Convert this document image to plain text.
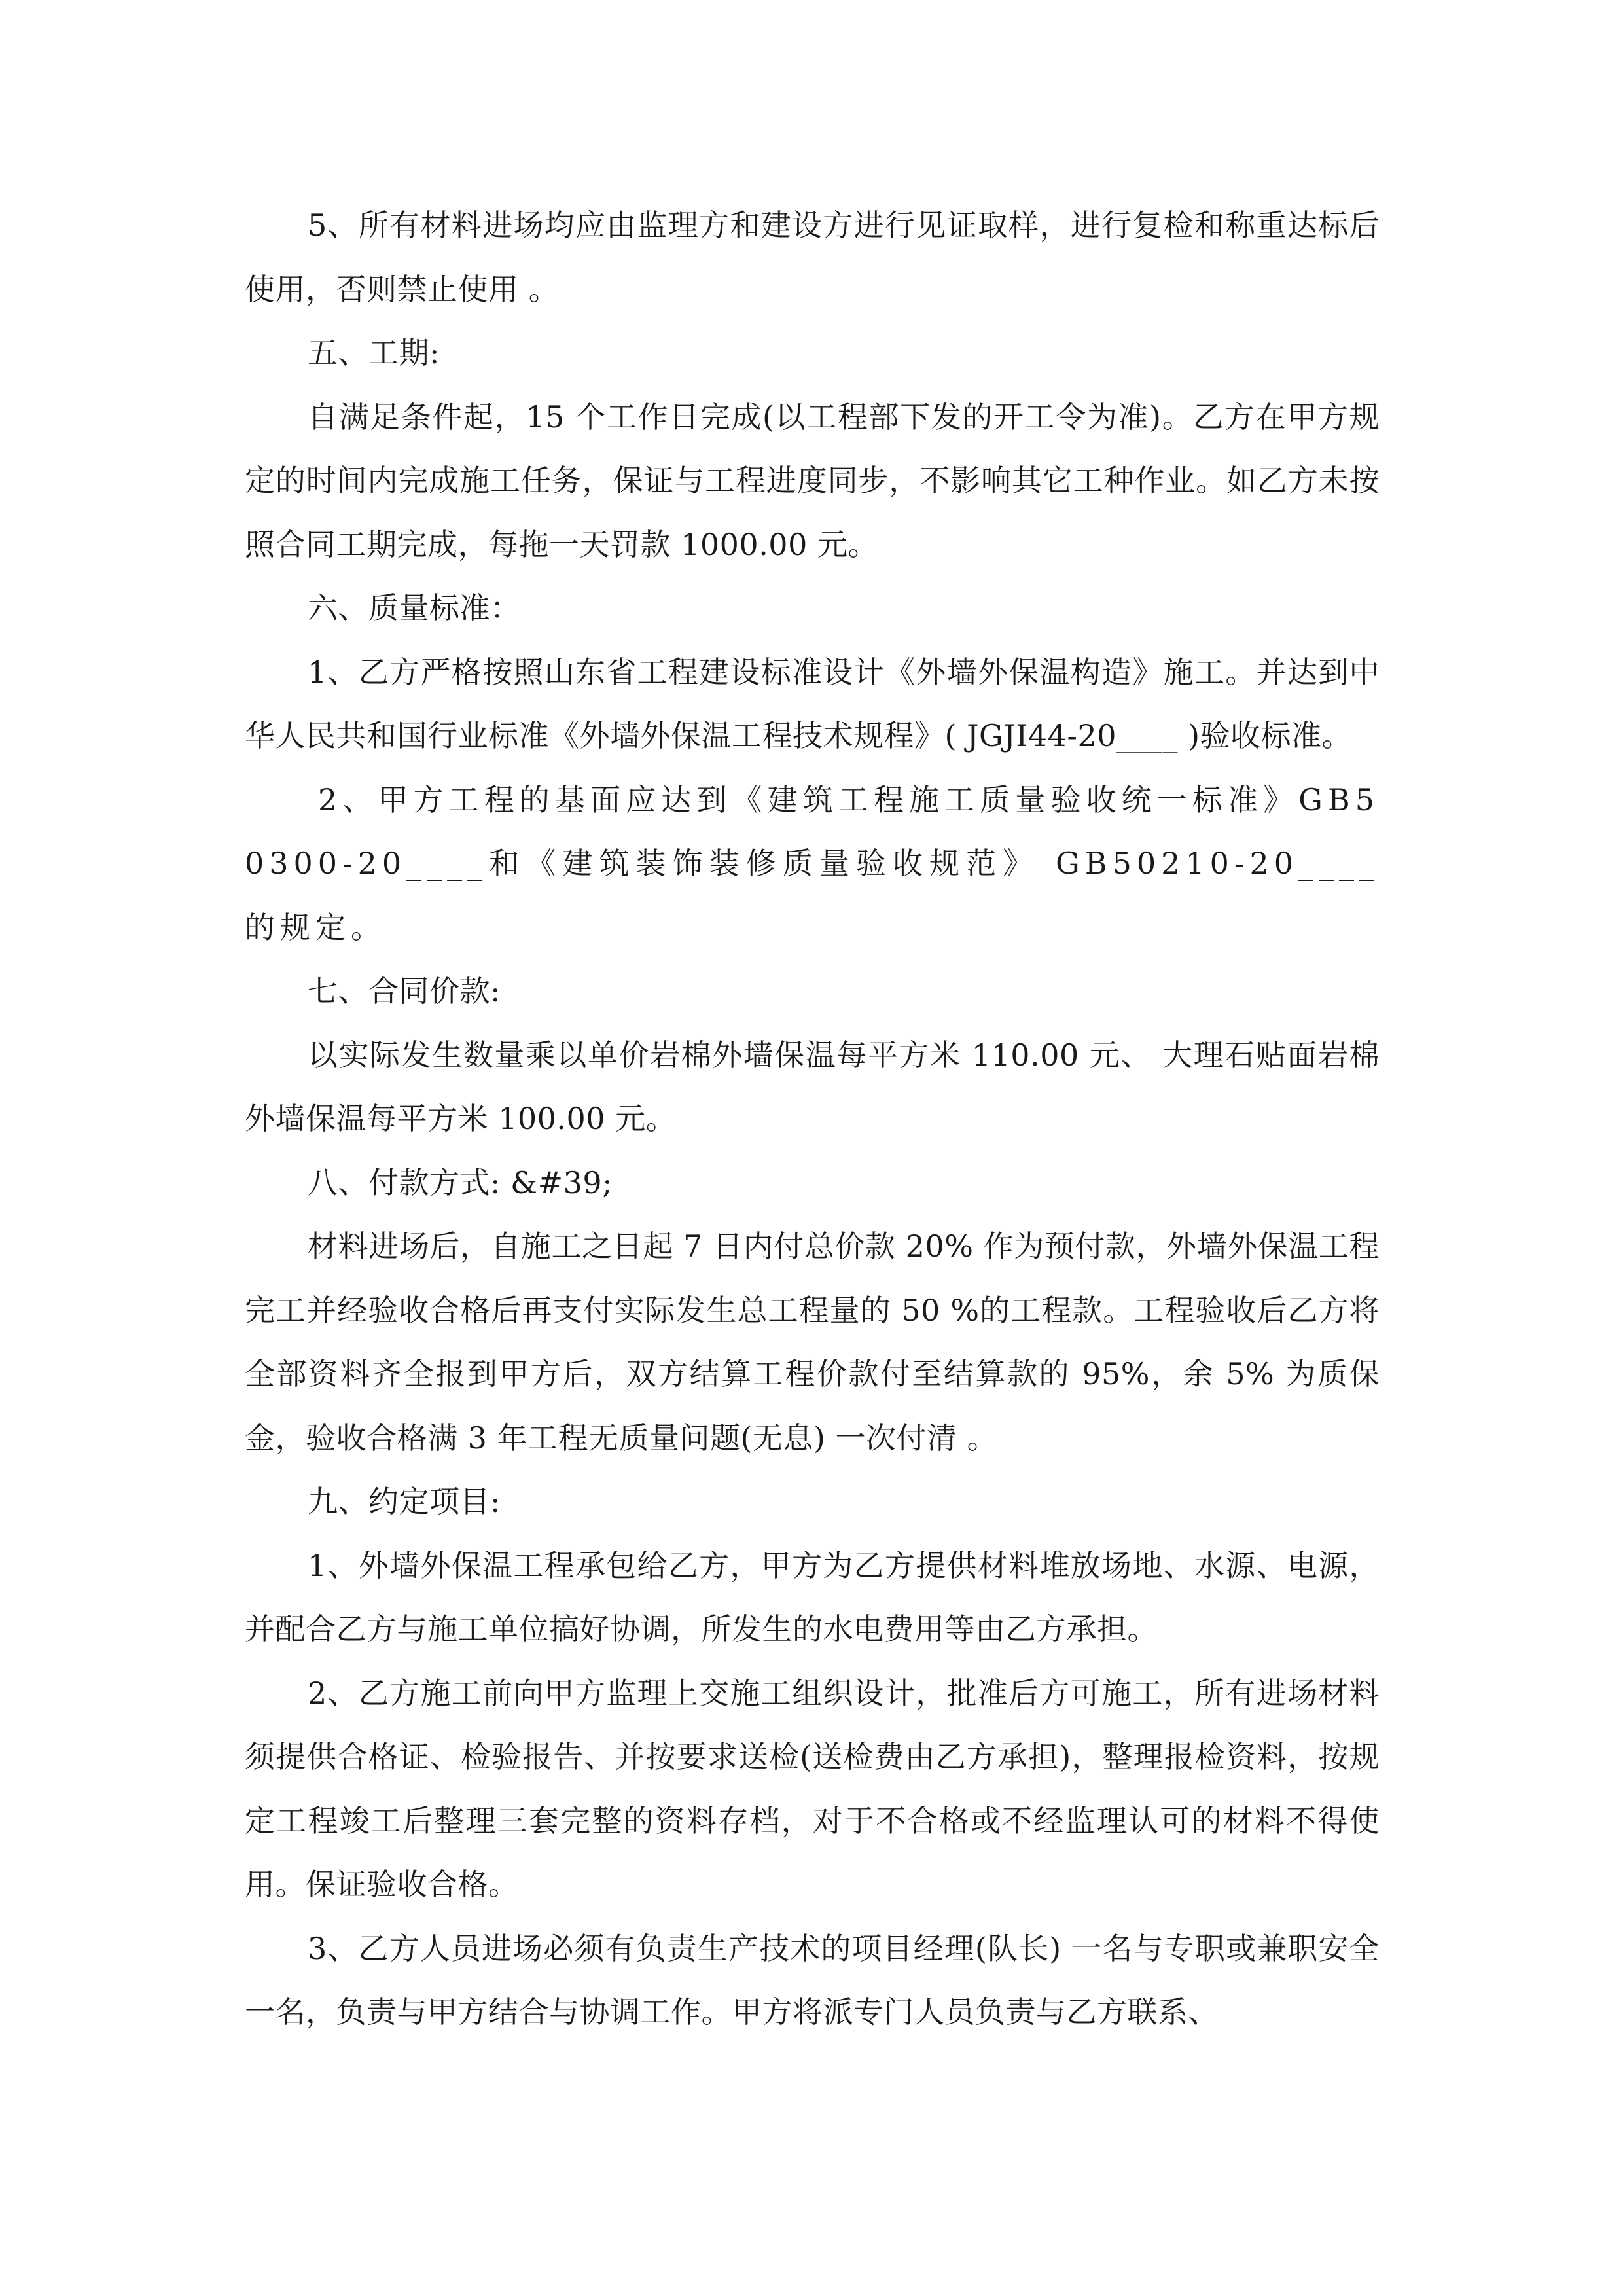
5、所有材料进场均应由监理方和建设方进行见证取样，进行复检和称重达标后使用，否则禁止使用 。

五、工期:

自满足条件起，15 个工作日完成(以工程部下发的开工令为准)。乙方在甲方规定的时间内完成施工任务，保证与工程进度同步，不影响其它工种作业。如乙方未按照合同工期完成，每拖一天罚款 1000.00 元。

六、质量标准：

1、乙方严格按照山东省工程建设标准设计《外墙外保温构造》施工。并达到中华人民共和国行业标准《外墙外保温工程技术规程》( JGJI44-20____ )验收标准。

2、甲方工程的基面应达到《建筑工程施工质量验收统一标准》GB50300-20____和《建筑装饰装修质量验收规范》 GB50210-20____的规定。

七、合同价款:

以实际发生数量乘以单价岩棉外墙保温每平方米 110.00 元、 大理石贴面岩棉外墙保温每平方米 100.00 元。

八、付款方式: &#39;

材料进场后，自施工之日起 7 日内付总价款 20% 作为预付款，外墙外保温工程完工并经验收合格后再支付实际发生总工程量的 50 %的工程款。工程验收后乙方将全部资料齐全报到甲方后，双方结算工程价款付至结算款的 95%，余 5% 为质保金，验收合格满 3 年工程无质量问题(无息) 一次付清 。

九、约定项目:

1、外墙外保温工程承包给乙方，甲方为乙方提供材料堆放场地、水源、电源，并配合乙方与施工单位搞好协调，所发生的水电费用等由乙方承担。

2、乙方施工前向甲方监理上交施工组织设计，批准后方可施工，所有进场材料须提供合格证、检验报告、并按要求送检(送检费由乙方承担)，整理报检资料，按规定工程竣工后整理三套完整的资料存档，对于不合格或不经监理认可的材料不得使用。保证验收合格。

3、乙方人员进场必须有负责生产技术的项目经理(队长) 一名与专职或兼职安全一名，负责与甲方结合与协调工作。甲方将派专门人员负责与乙方联系、
